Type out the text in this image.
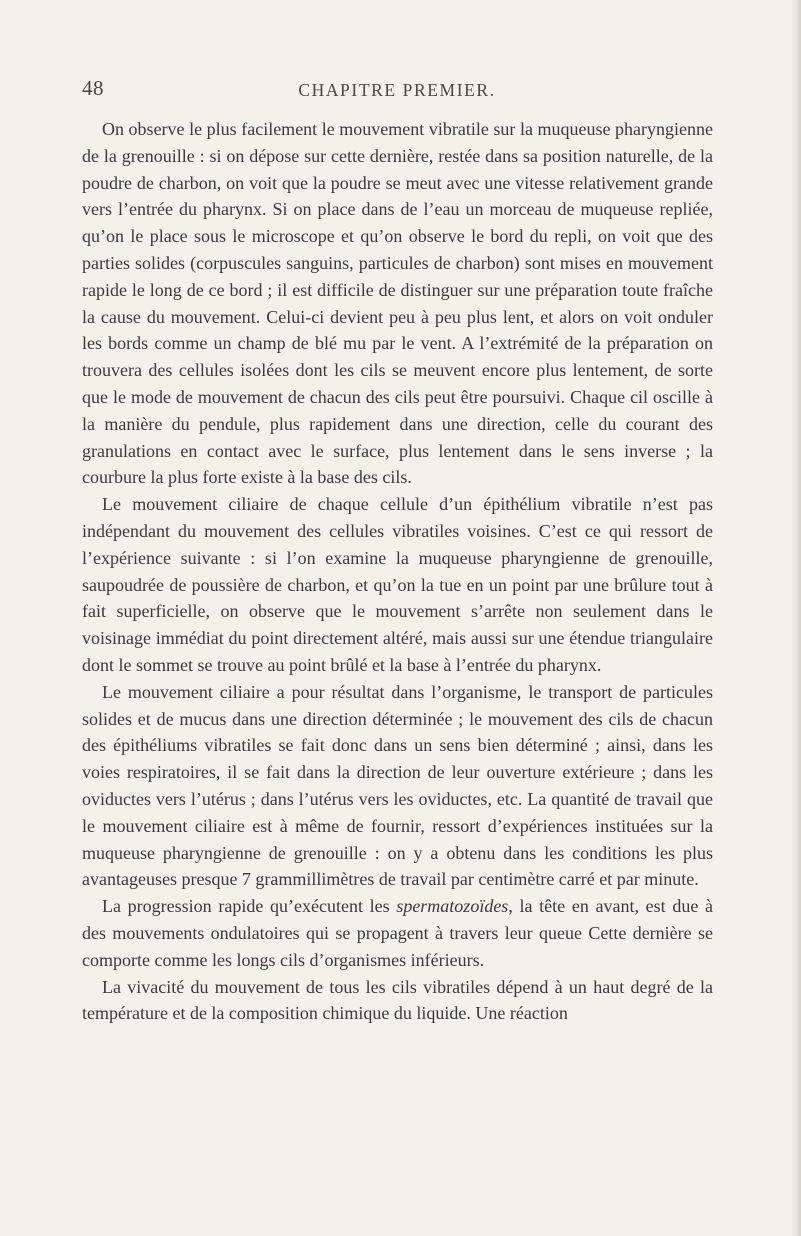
48	CHAPITRE PREMIER.

On observe le plus facilement le mouvement vibratile sur la muqueuse pharyngienne de la grenouille : si on dépose sur cette dernière, restée dans sa position naturelle, de la poudre de charbon, on voit que la poudre se meut avec une vitesse relativement grande vers l’entrée du pharynx. Si on place dans de l’eau un morceau de muqueuse repliée, qu’on le place sous le microscope et qu’on observe le bord du repli, on voit que des parties solides (corpuscules sanguins, particules de charbon) sont mises en mouvement rapide le long de ce bord ; il est difficile de distinguer sur une préparation toute fraîche la cause du mouvement. Celui-ci devient peu à peu plus lent, et alors on voit onduler les bords comme un champ de blé mu par le vent. A l’extrémité de la préparation on trouvera des cellules isolées dont les cils se meuvent encore plus lentement, de sorte que le mode de mouvement de chacun des cils peut être poursuivi. Chaque cil oscille à la manière du pendule, plus rapidement dans une direction, celle du courant des granulations en contact avec le surface, plus lentement dans le sens inverse ; la courbure la plus forte existe à la base des cils.

Le mouvement ciliaire de chaque cellule d’un épithélium vibratile n’est pas indépendant du mouvement des cellules vibratiles voisines. C’est ce qui ressort de l’expérience suivante : si l’on examine la muqueuse pharyngienne de grenouille, saupoudrée de poussière de charbon, et qu’on la tue en un point par une brûlure tout à fait superficielle, on observe que le mouvement s’arrête non seulement dans le voisinage immédiat du point directement altéré, mais aussi sur une étendue triangulaire dont le sommet se trouve au point brûlé et la base à l’entrée du pharynx.

Le mouvement ciliaire a pour résultat dans l’organisme, le transport de particules solides et de mucus dans une direction déterminée ; le mouvement des cils de chacun des épithéliums vibratiles se fait donc dans un sens bien déterminé ; ainsi, dans les voies respiratoires, il se fait dans la direction de leur ouverture extérieure ; dans les oviductes vers l’utérus ; dans l’utérus vers les oviductes, etc. La quantité de travail que le mouvement ciliaire est à même de fournir, ressort d’expériences instituées sur la muqueuse pharyngienne de grenouille : on y a obtenu dans les conditions les plus avantageuses presque 7 grammillimètres de travail par centimètre carré et par minute.

La progression rapide qu’exécutent les spermatozoïdes, la tête en avant, est due à des mouvements ondulatoires qui se propagent à travers leur queue Cette dernière se comporte comme les longs cils d’organismes inférieurs.

La vivacité du mouvement de tous les cils vibratiles dépend à un haut degré de la température et de la composition chimique du liquide. Une réaction
